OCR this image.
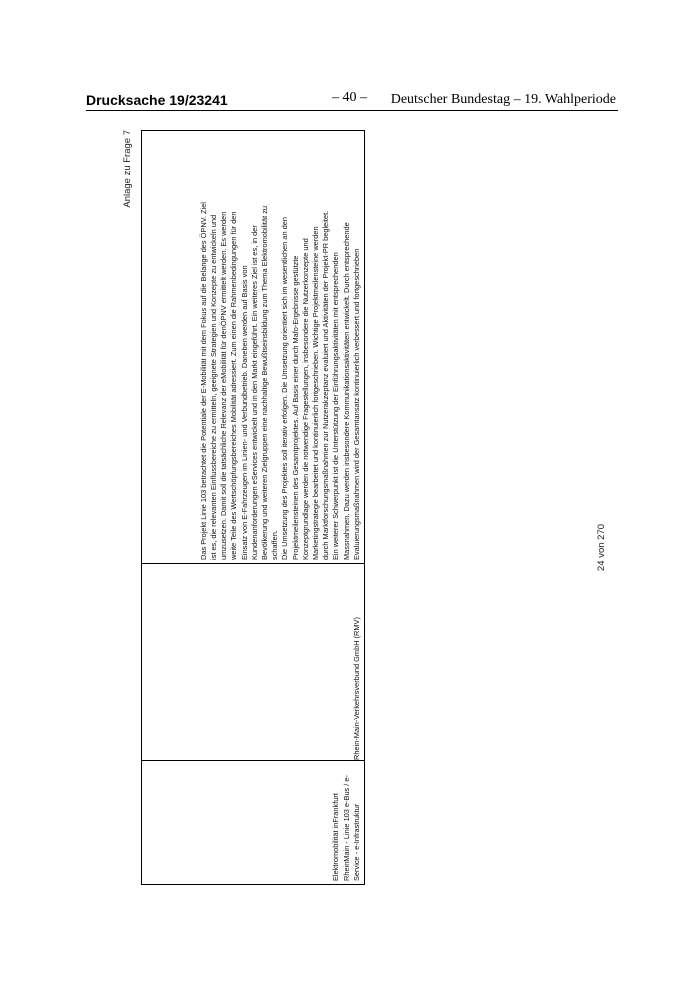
Drucksache 19/23241	– 40 – Deutscher Bundestag – 19. Wahlperiode
Anlage zu Frage 7
Elektromobilität inFrankfurt RheinMain - Linie 103 e-Bus / e- Service - e-Infrastruktur
Rhein-Main-Verkehrsverbund GmbH (RMV)
Das Projekt Linie 103 betrachtet die Potentiale der E-Mobilität mit dem Fokus auf die Belange des ÖPNV. Ziel ist es, die relevanten Einflussbereiche zu ermitteln, geeignete Strategien und Konzepte zu entwickeln und umzusetzen. Damit soll die tatsächliche Relevanz der eMobilität für denÖPNV ermittelt werden. Es werden weite Teile des Wertschöpfungsbereiches Mobilität adressiert. Zum einen die Rahmenbedingungen für den Einsatz von E-Fahrzeugen im Linien- und Verbundbetrieb. Daneben werden auf Basis von Kundenanforderungen eServices entwickelt und in den Markt eingeführt. Ein weiteres Ziel ist es, in der Bevölkerung und weiteren Zielgruppen eine nachhaltige Bewußtseinsbildung zum Thema Elektromobilität zu schaffen. Die Umsetzung des Projektes soll iterativ erfolgen. Die Umsetzung orientiert sich im wesentlichen an den Projektmeilensteinen des Gesamtprojektes. Auf Basis einer durch Mafo-Ergebnisse gestützte Konzeptgrundlage werden die notwendige Fragestellungen, insbesondere die Nutzerkonzepte und Marketingstrategie bearbeitet und kontinuierlich fortgeschrieben. Wichtige Projektmeilensteine werden durch Marktforschungsmaßnahmen zur Nutzerakzeptanz evaluiert und Aktivitäten der Projekt-PR begleitet. Ein weiterer Schwerpunkt ist die Unterstützung der Einführungsaktivitäten mit entsprechenden Massnahmen. Dazu werden insbesondere Kommunikationsaktivitäten entwickelt. Durch entsprechende Evaluierungsmaßnahmen wird der Gesamtansatz kontinuierlich verbessert und fortgeschrieben	24 von 270
